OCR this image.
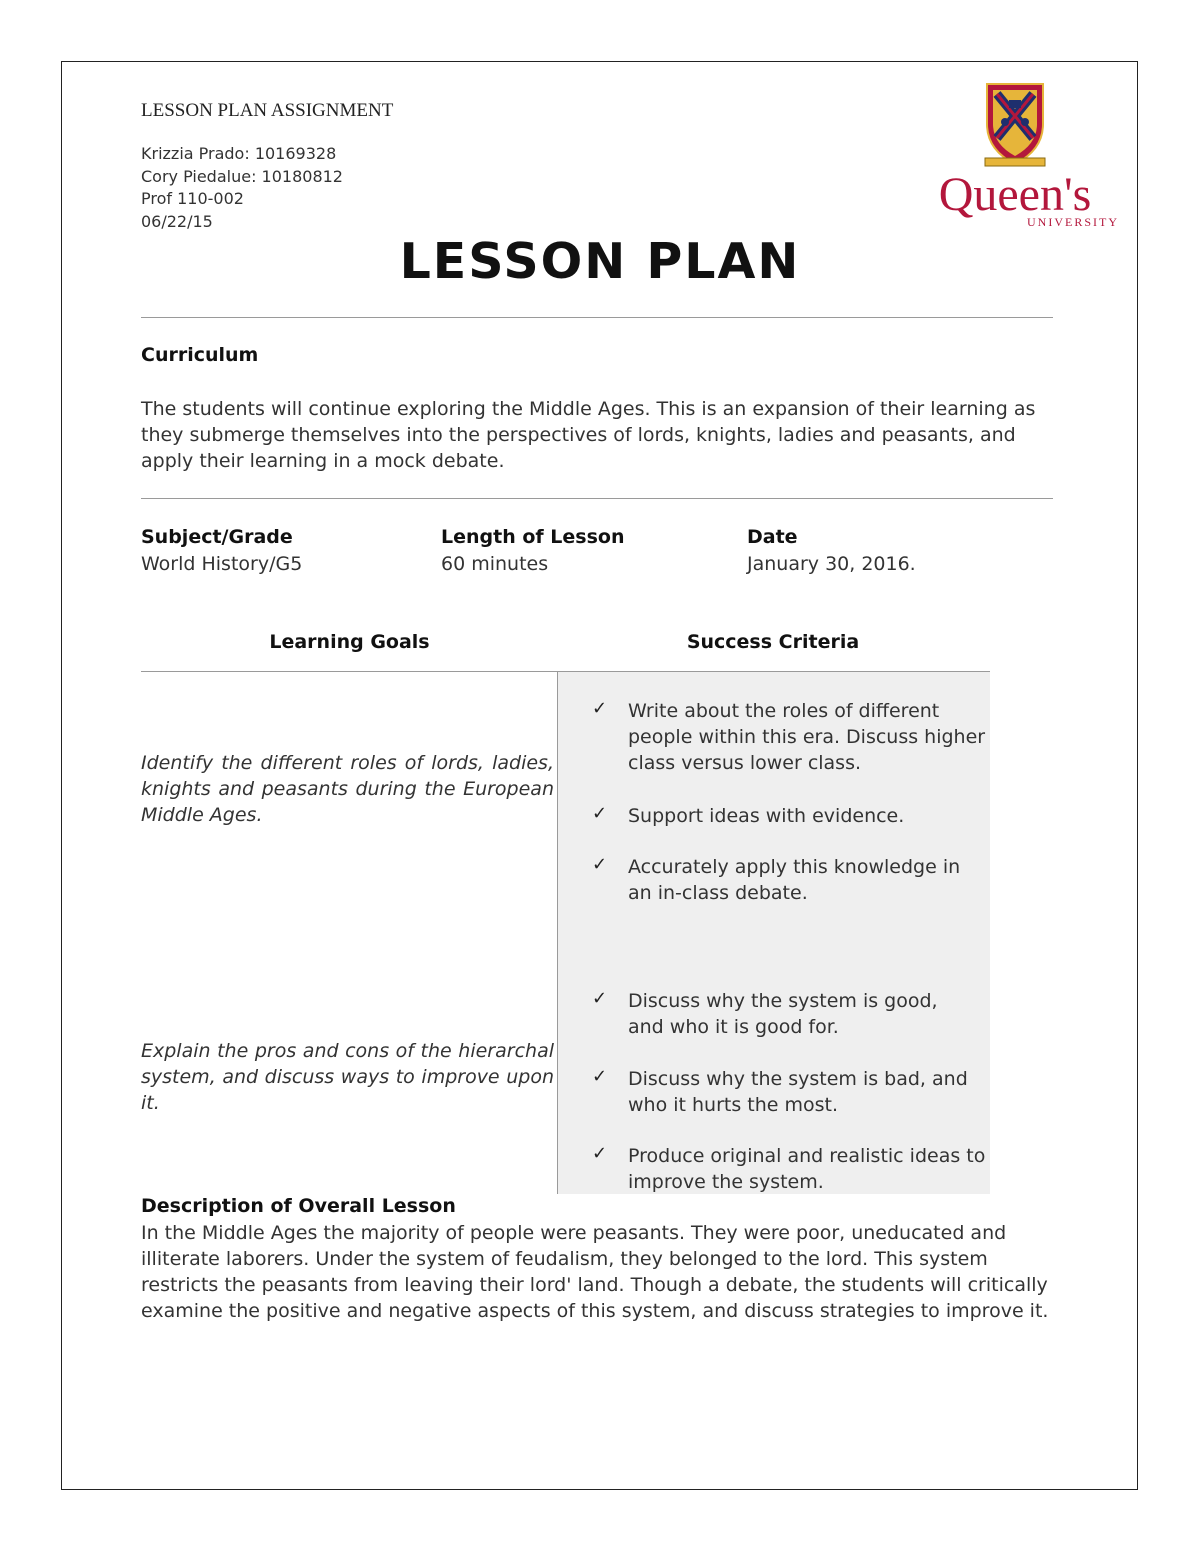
LESSON PLAN ASSIGNMENT
Krizzia Prado: 10169328
Cory Piedalue: 10180812
Prof 110-002
06/22/15	Queen's
UNIVERSITY
LESSON PLAN
Curriculum
The students will continue exploring the Middle Ages. This is an expansion of their learning as they submerge themselves into the perspectives of lords, knights, ladies and peasants, and apply their learning in a mock debate.
Subject/Grade
World History/G5
Length of Lesson
60 minutes
Date
January 30, 2016.
Learning Goals	Success Criteria
Identify the different roles of lords, ladies, knights and peasants during the European Middle Ages.
Explain the pros and cons of the hierarchal system, and discuss ways to improve upon it.
✓ Write about the roles of different people within this era. Discuss higher class versus lower class.
✓ Support ideas with evidence.
✓ Accurately apply this knowledge in an in-class debate.
✓ Discuss why the system is good, and who it is good for.
✓ Discuss why the system is bad, and who it hurts the most.
✓ Produce original and realistic ideas to improve the system.
Description of Overall Lesson
In the Middle Ages the majority of people were peasants. They were poor, uneducated and illiterate laborers. Under the system of feudalism, they belonged to the lord. This system restricts the peasants from leaving their lord' land. Though a debate, the students will critically examine the positive and negative aspects of this system, and discuss strategies to improve it.
